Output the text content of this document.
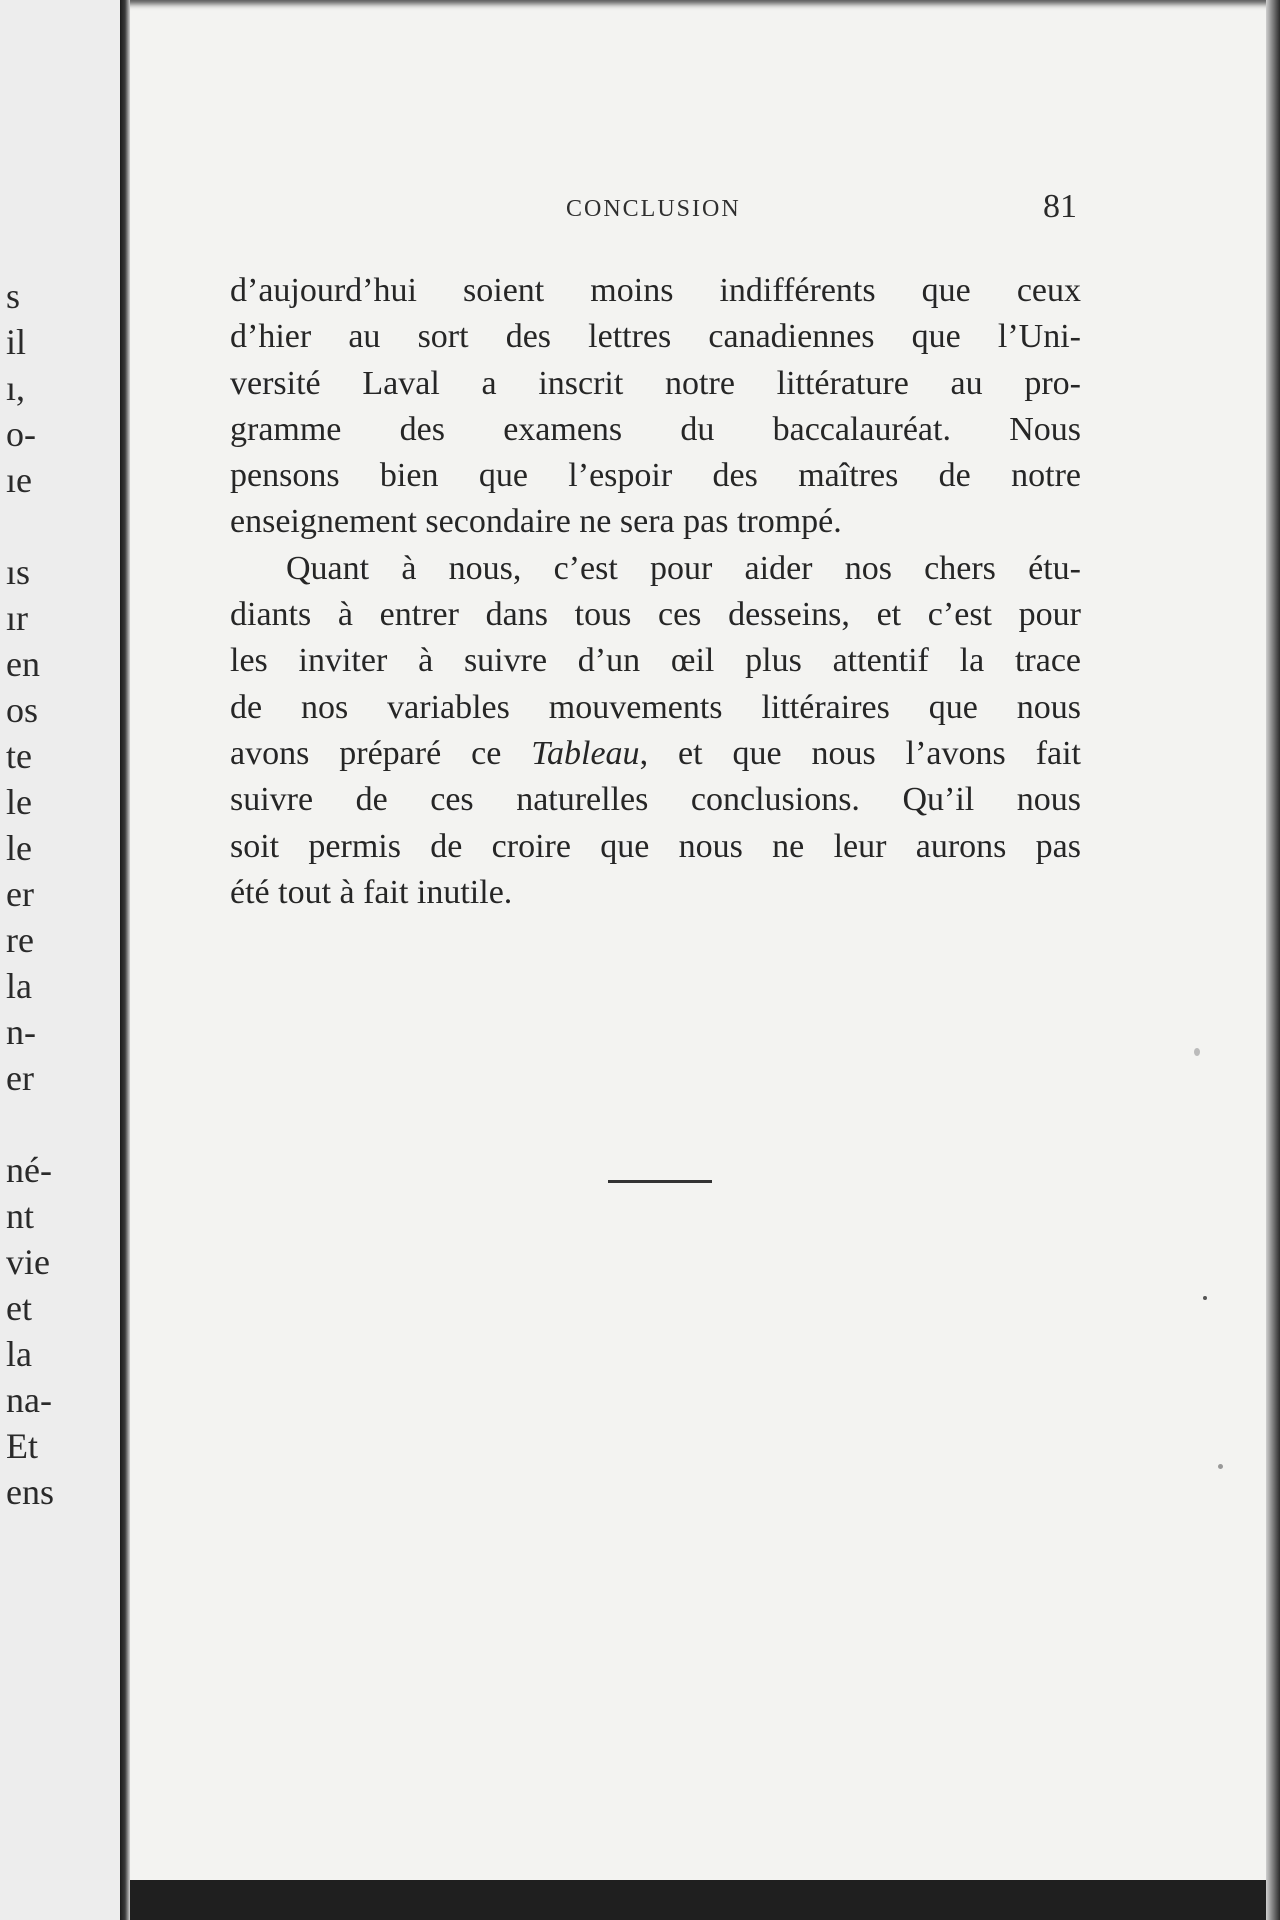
s
il
ı,
o-
ıe
ıs
ır
en
os
te
le
le
er
re
la
n-
er
né-
nt
vie
et
la
na-
Et
ens
CONCLUSION	81
d’aujourd’hui soient moins indifférents que ceux
d’hier au sort des lettres canadiennes que l’Uni-
versité Laval a inscrit notre littérature au pro-
gramme des examens du baccalauréat. Nous
pensons bien que l’espoir des maîtres de notre
enseignement secondaire ne sera pas trompé.
Quant à nous, c’est pour aider nos chers étu-
diants à entrer dans tous ces desseins, et c’est pour
les inviter à suivre d’un œil plus attentif la trace
de nos variables mouvements littéraires que nous
avons préparé ce Tableau, et que nous l’avons fait
suivre de ces naturelles conclusions. Qu’il nous
soit permis de croire que nous ne leur aurons pas
été tout à fait inutile.
